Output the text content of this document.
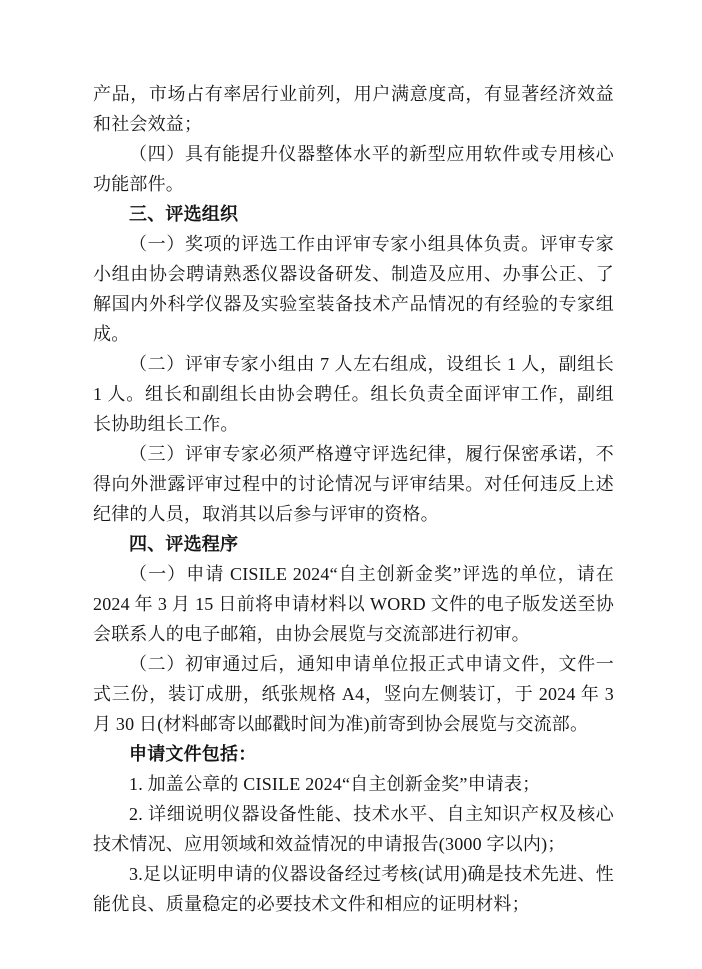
产品，市场占有率居行业前列，用户满意度高，有显著经济效益和社会效益；

（四）具有能提升仪器整体水平的新型应用软件或专用核心功能部件。

三、评选组织

（一）奖项的评选工作由评审专家小组具体负责。评审专家小组由协会聘请熟悉仪器设备研发、制造及应用、办事公正、了解国内外科学仪器及实验室装备技术产品情况的有经验的专家组成。

（二）评审专家小组由 7 人左右组成，设组长 1 人，副组长 1 人。组长和副组长由协会聘任。组长负责全面评审工作，副组长协助组长工作。

（三）评审专家必须严格遵守评选纪律，履行保密承诺，不得向外泄露评审过程中的讨论情况与评审结果。对任何违反上述纪律的人员，取消其以后参与评审的资格。

四、评选程序

（一）申请 CISILE 2024“自主创新金奖”评选的单位，请在 2024 年 3 月 15 日前将申请材料以 WORD 文件的电子版发送至协会联系人的电子邮箱，由协会展览与交流部进行初审。

（二）初审通过后，通知申请单位报正式申请文件，文件一式三份，装订成册，纸张规格 A4，竖向左侧装订，于 2024 年 3 月 30 日(材料邮寄以邮戳时间为准)前寄到协会展览与交流部。

申请文件包括：

1. 加盖公章的 CISILE 2024“自主创新金奖”申请表；

2. 详细说明仪器设备性能、技术水平、自主知识产权及核心技术情况、应用领域和效益情况的申请报告(3000 字以内)；

3.足以证明申请的仪器设备经过考核(试用)确是技术先进、性能优良、质量稳定的必要技术文件和相应的证明材料；
